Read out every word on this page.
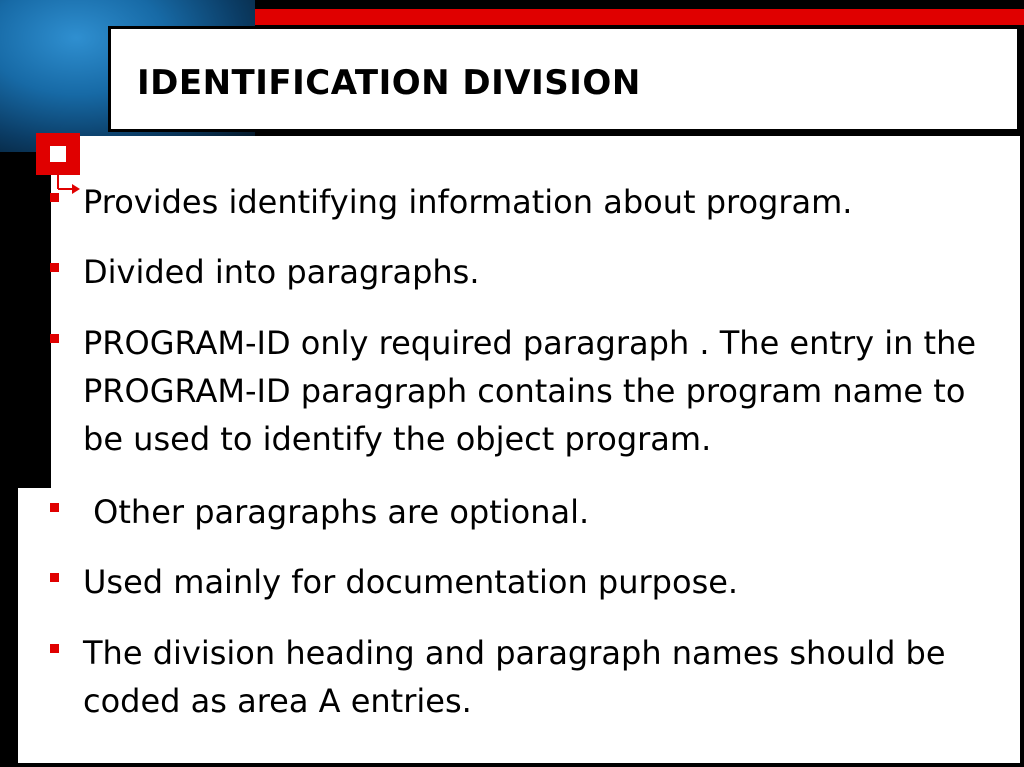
IDENTIFICATION DIVISION

Provides identifying information about program.

Divided into paragraphs.

PROGRAM-ID only required paragraph . The entry in the PROGRAM-ID paragraph contains the program name to be used to identify the object program.

Other paragraphs are optional.

Used mainly for documentation purpose.

The division heading and paragraph names should be coded as area A entries.
